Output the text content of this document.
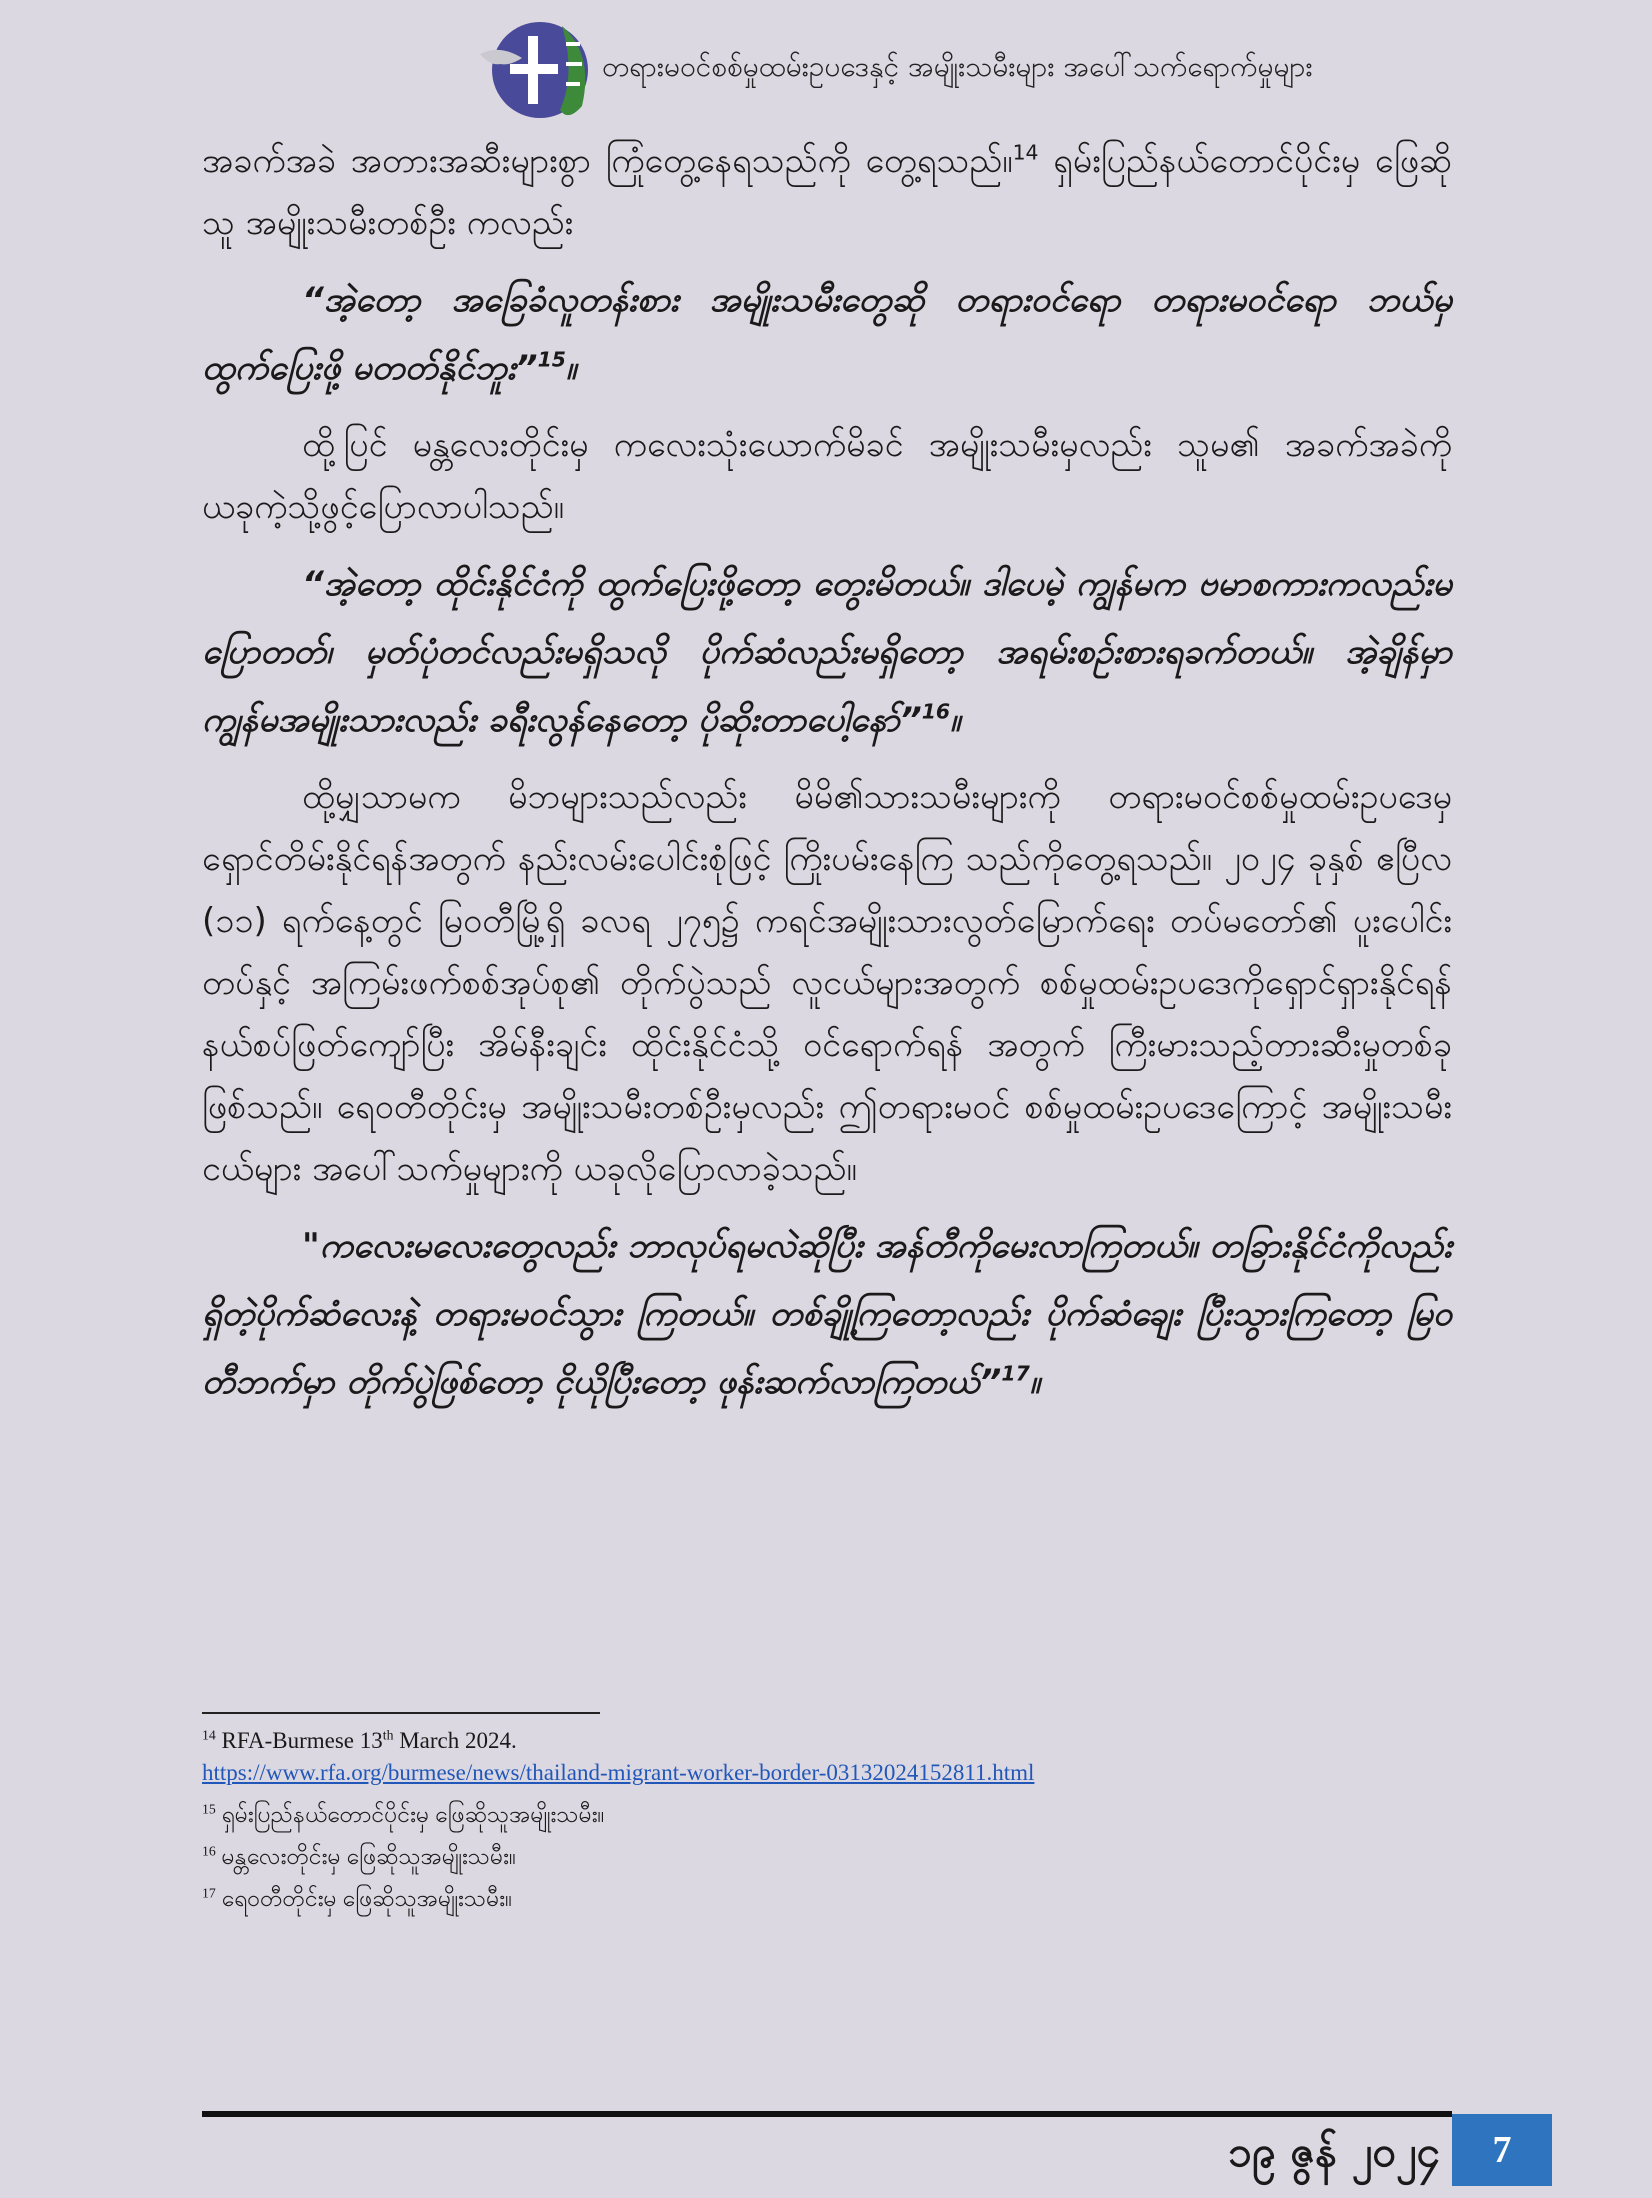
တရားမဝင်စစ်မှုထမ်းဥပဒေနှင့် အမျိုးသမီးများ အပေါ်သက်ရောက်မှုများ

အခက်အခဲ အတားအဆီးများစွာ ကြုံတွေ့နေရသည်ကို တွေ့ရသည်။$^{14}$ ရှမ်းပြည်နယ်တောင်ပိုင်းမှ ဖြေဆိုသူ အမျိုးသမီးတစ်ဦး ကလည်း

“အဲ့တော့ အခြေခံလူတန်းစား အမျိုးသမီးတွေဆို တရားဝင်ရော တရားမဝင်ရော ဘယ်မှထွက်ပြေးဖို့ မတတ်နိုင်ဘူး”$^{15}$။

ထို့ပြင် မန္တလေးတိုင်းမှ ကလေးသုံးယောက်မိခင် အမျိုးသမီးမှလည်း သူမ၏ အခက်အခဲကို ယခုကဲ့သို့ဖွင့်ပြောလာပါသည်။

“အဲ့တော့ ထိုင်းနိုင်ငံကို ထွက်ပြေးဖို့တော့ တွေးမိတယ်။ ဒါပေမဲ့ ကျွန်မက ဗမာစကားကလည်းမပြောတတ်၊ မှတ်ပုံတင်လည်းမရှိသလို ပိုက်ဆံလည်းမရှိတော့ အရမ်းစဉ်းစားရခက်တယ်။ အဲ့ချိန်မှာ ကျွန်မအမျိုးသားလည်း ခရီးလွန်နေတော့ ပိုဆိုးတာပေါ့နော်”$^{16}$။

ထို့မျှသာမက မိဘများသည်လည်း မိမိ၏သားသမီးများကို တရားမဝင်စစ်မှုထမ်းဥပဒေမှ ရှောင်တိမ်းနိုင်ရန်အတွက် နည်းလမ်းပေါင်းစုံဖြင့် ကြိုးပမ်းနေကြ သည်ကိုတွေ့ရသည်။ ၂၀၂၄ ခုနှစ် ဧပြီလ (၁၁) ရက်နေ့တွင် မြဝတီမြို့ရှိ ခလရ ၂၇၅၌ ကရင်အမျိုးသားလွတ်မြောက်ရေး တပ်မတော်၏ ပူးပေါင်းတပ်နှင့် အကြမ်းဖက်စစ်အုပ်စု၏ တိုက်ပွဲသည် လူငယ်များအတွက် စစ်မှုထမ်းဥပဒေကိုရှောင်ရှားနိုင်ရန် နယ်စပ်ဖြတ်ကျော်ပြီး အိမ်နီးချင်း ထိုင်းနိုင်ငံသို့ ဝင်ရောက်ရန် အတွက် ကြီးမားသည့်တားဆီးမှုတစ်ခုဖြစ်သည်။ ရေဝတီတိုင်းမှ အမျိုးသမီးတစ်ဦးမှလည်း ဤတရားမဝင် စစ်မှုထမ်းဥပဒေကြောင့် အမျိုးသမီးငယ်များ အပေါ်သက်မှုများကို ယခုလိုပြောလာခဲ့သည်။

"ကလေးမလေးတွေလည်း ဘာလုပ်ရမလဲဆိုပြီး အန်တီကိုမေးလာကြတယ်။ တခြားနိုင်ငံကိုလည်း ရှိတဲ့ပိုက်ဆံလေးနဲ့ တရားမဝင်သွား ကြတယ်။ တစ်ချို့ကြတော့လည်း ပိုက်ဆံချေး ပြီးသွားကြတော့ မြဝတီဘက်မှာ တိုက်ပွဲဖြစ်တော့ ငိုယိုပြီးတော့ ဖုန်းဆက်လာကြတယ်”$^{17}$။

$^{14}$ RFA-Burmese 13th March 2024.
https://www.rfa.org/burmese/news/thailand-migrant-worker-border-03132024152811.html
$^{15}$ ရှမ်းပြည်နယ်တောင်ပိုင်းမှ ဖြေဆိုသူအမျိုးသမီး။
$^{16}$ မန္တလေးတိုင်းမှ ဖြေဆိုသူအမျိုးသမီး။
$^{17}$ ရေဝတီတိုင်းမှ ဖြေဆိုသူအမျိုးသမီး။
၁၉ ဇွန် ၂၀၂၄	7
